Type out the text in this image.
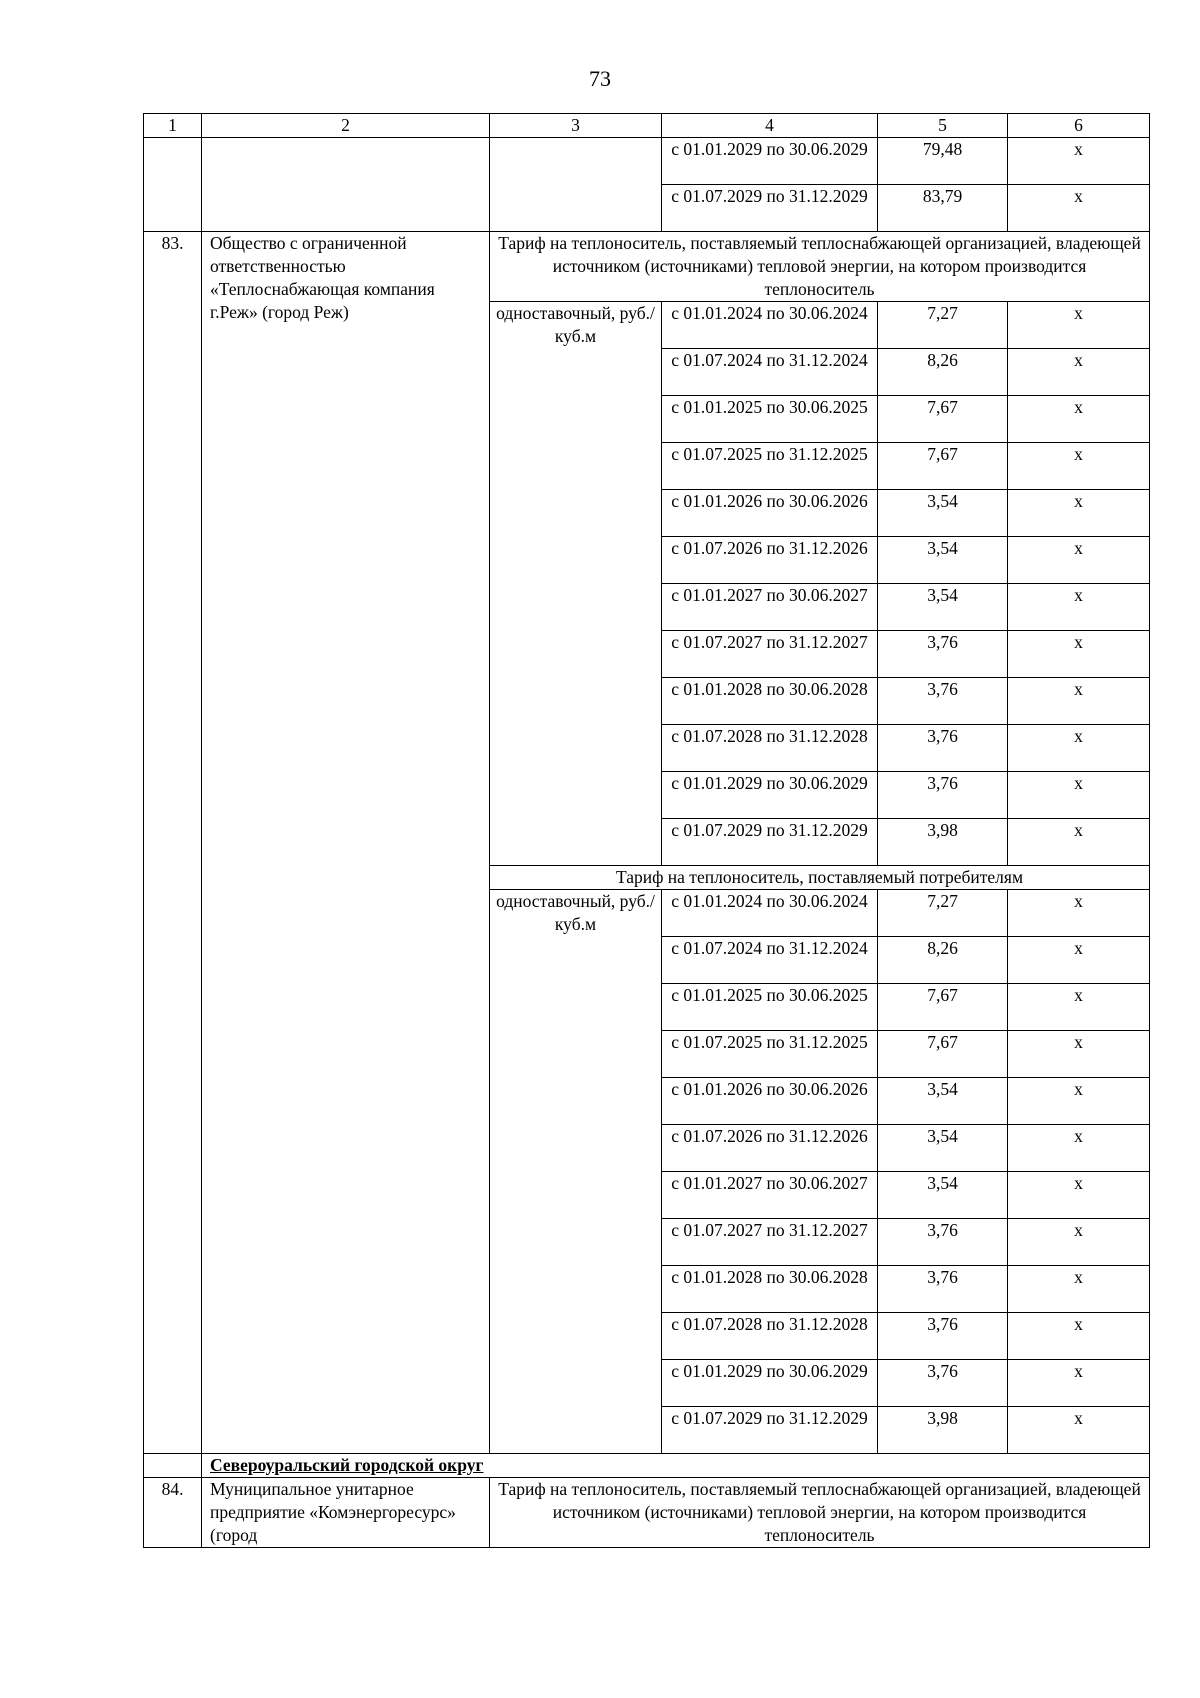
73
1	2	3	4	5	6
			с 01.01.2029 по 30.06.2029	79,48	х
			с 01.07.2029 по 31.12.2029	83,79	х
83.	Общество с ограниченной ответственностью «Теплоснабжающая компания г.Реж» (город Реж)	Тариф на теплоноситель, поставляемый теплоснабжающей организацией, владеющей источником (источниками) тепловой энергии, на котором производится теплоноситель			
		одноставочный, руб./куб.м	с 01.01.2024 по 30.06.2024	7,27	х
			с 01.07.2024 по 31.12.2024	8,26	х
			с 01.01.2025 по 30.06.2025	7,67	х
			с 01.07.2025 по 31.12.2025	7,67	х
			с 01.01.2026 по 30.06.2026	3,54	х
			с 01.07.2026 по 31.12.2026	3,54	х
			с 01.01.2027 по 30.06.2027	3,54	х
			с 01.07.2027 по 31.12.2027	3,76	х
			с 01.01.2028 по 30.06.2028	3,76	х
			с 01.07.2028 по 31.12.2028	3,76	х
			с 01.01.2029 по 30.06.2029	3,76	х
			с 01.07.2029 по 31.12.2029	3,98	х
		Тариф на теплоноситель, поставляемый потребителям			
		одноставочный, руб./куб.м	с 01.01.2024 по 30.06.2024	7,27	х
			с 01.07.2024 по 31.12.2024	8,26	х
			с 01.01.2025 по 30.06.2025	7,67	х
			с 01.07.2025 по 31.12.2025	7,67	х
			с 01.01.2026 по 30.06.2026	3,54	х
			с 01.07.2026 по 31.12.2026	3,54	х
			с 01.01.2027 по 30.06.2027	3,54	х
			с 01.07.2027 по 31.12.2027	3,76	х
			с 01.01.2028 по 30.06.2028	3,76	х
			с 01.07.2028 по 31.12.2028	3,76	х
			с 01.01.2029 по 30.06.2029	3,76	х
			с 01.07.2029 по 31.12.2029	3,98	х
	Североуральский городской округ				
84.	Муниципальное унитарное предприятие «Комэнергоресурс» (город	Тариф на теплоноситель, поставляемый теплоснабжающей организацией, владеющей источником (источниками) тепловой энергии, на котором производится теплоноситель			
